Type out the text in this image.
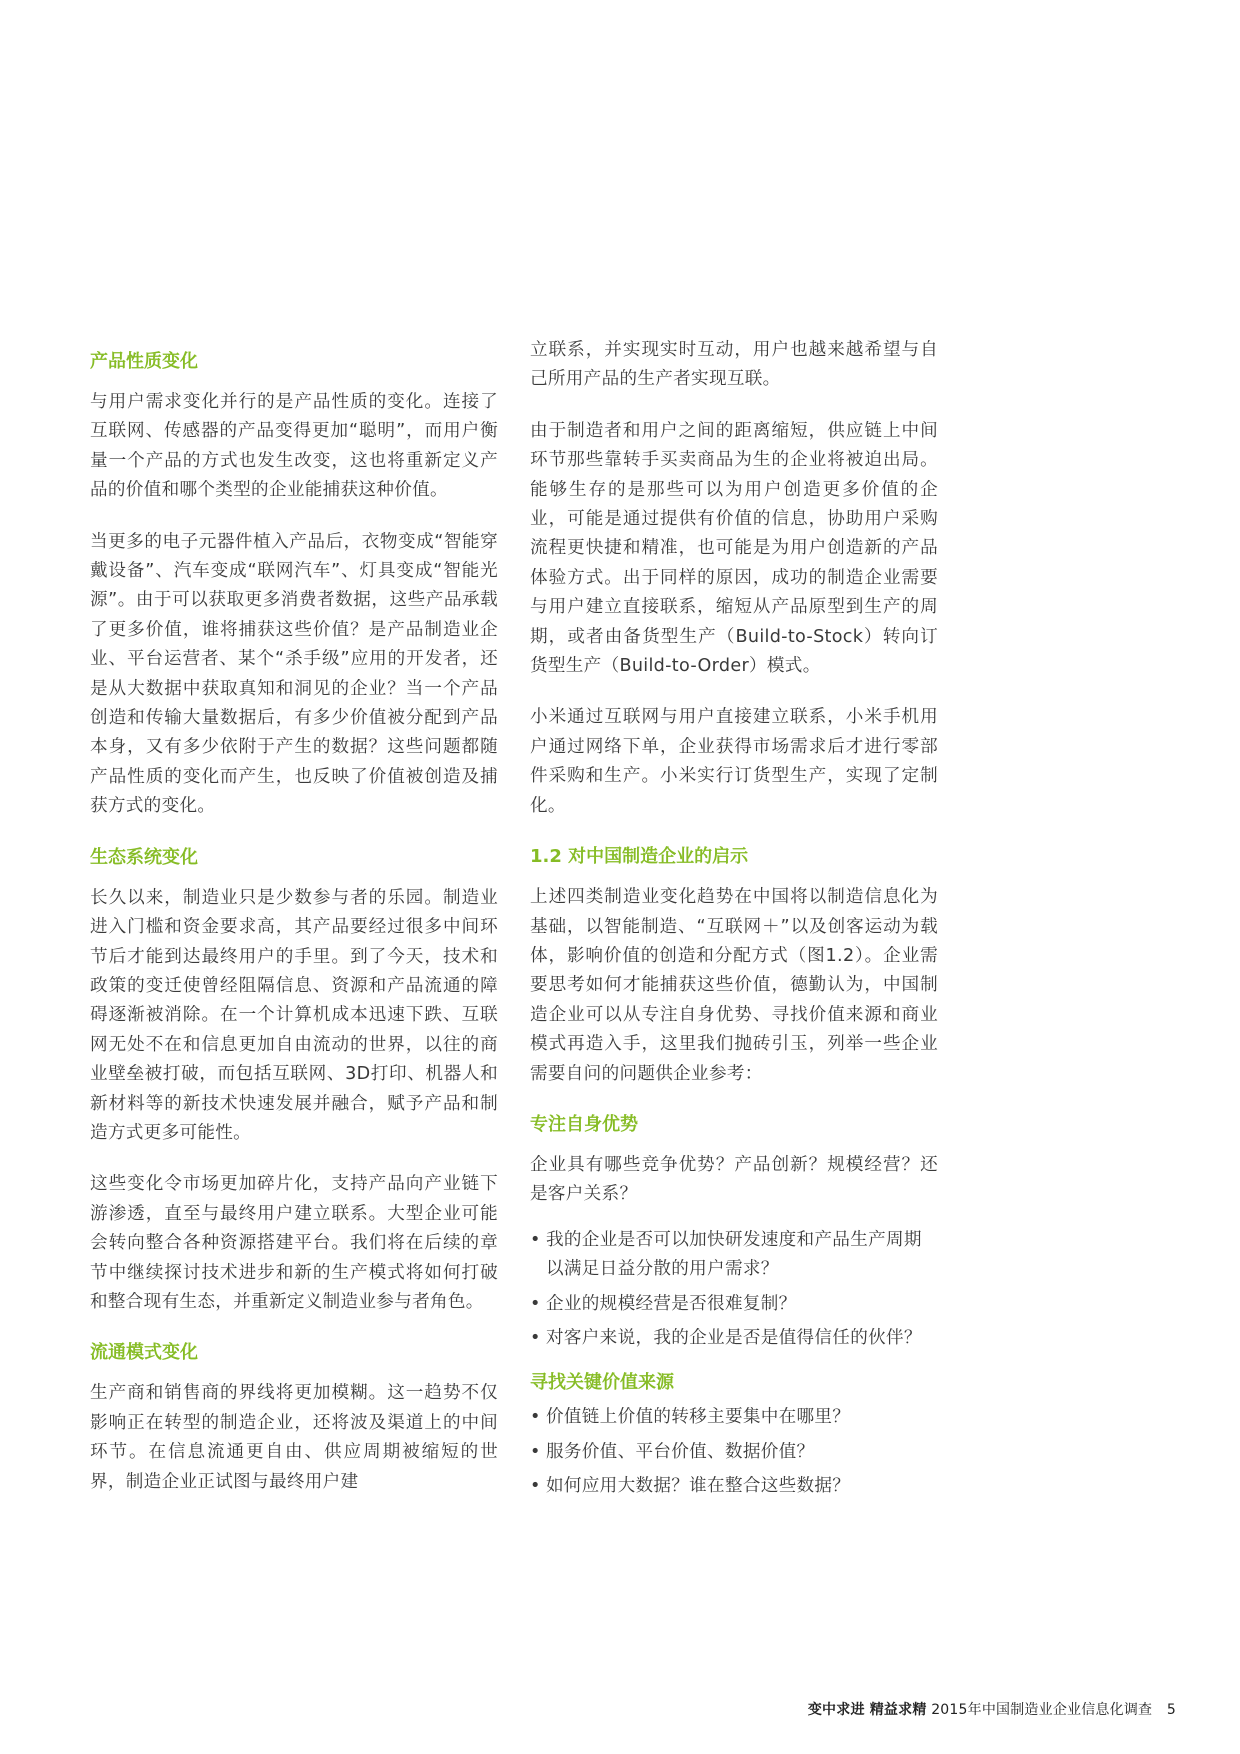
产品性质变化

与用户需求变化并行的是产品性质的变化。连接了互联网、传感器的产品变得更加“聪明”，而用户衡量一个产品的方式也发生改变，这也将重新定义产品的价值和哪个类型的企业能捕获这种价值。

当更多的电子元器件植入产品后，衣物变成“智能穿戴设备”、汽车变成“联网汽车”、灯具变成“智能光源”。由于可以获取更多消费者数据，这些产品承载了更多价值，谁将捕获这些价值？是产品制造业企业、平台运营者、某个“杀手级”应用的开发者，还是从大数据中获取真知和洞见的企业？当一个产品创造和传输大量数据后，有多少价值被分配到产品本身，又有多少依附于产生的数据？这些问题都随产品性质的变化而产生，也反映了价值被创造及捕获方式的变化。

生态系统变化

长久以来，制造业只是少数参与者的乐园。制造业进入门槛和资金要求高，其产品要经过很多中间环节后才能到达最终用户的手里。到了今天，技术和政策的变迁使曾经阻隔信息、资源和产品流通的障碍逐渐被消除。在一个计算机成本迅速下跌、互联网无处不在和信息更加自由流动的世界，以往的商业壁垒被打破，而包括互联网、3D打印、机器人和新材料等的新技术快速发展并融合，赋予产品和制造方式更多可能性。

这些变化令市场更加碎片化，支持产品向产业链下游渗透，直至与最终用户建立联系。大型企业可能会转向整合各种资源搭建平台。我们将在后续的章节中继续探讨技术进步和新的生产模式将如何打破和整合现有生态，并重新定义制造业参与者角色。

流通模式变化

生产商和销售商的界线将更加模糊。这一趋势不仅影响正在转型的制造企业，还将波及渠道上的中间环节。在信息流通更自由、供应周期被缩短的世界，制造企业正试图与最终用户建

立联系，并实现实时互动，用户也越来越希望与自己所用产品的生产者实现互联。

由于制造者和用户之间的距离缩短，供应链上中间环节那些靠转手买卖商品为生的企业将被迫出局。能够生存的是那些可以为用户创造更多价值的企业，可能是通过提供有价值的信息，协助用户采购流程更快捷和精准，也可能是为用户创造新的产品体验方式。出于同样的原因，成功的制造企业需要与用户建立直接联系，缩短从产品原型到生产的周期，或者由备货型生产（Build-to-Stock）转向订货型生产（Build-to-Order）模式。

小米通过互联网与用户直接建立联系，小米手机用户通过网络下单，企业获得市场需求后才进行零部件采购和生产。小米实行订货型生产，实现了定制化。

1.2 对中国制造企业的启示

上述四类制造业变化趋势在中国将以制造信息化为基础，以智能制造、“互联网＋”以及创客运动为载体，影响价值的创造和分配方式（图1.2）。企业需要思考如何才能捕获这些价值，德勤认为，中国制造企业可以从专注自身优势、寻找价值来源和商业模式再造入手，这里我们抛砖引玉，列举一些企业需要自问的问题供企业参考：

专注自身优势

企业具有哪些竞争优势？产品创新？规模经营？还是客户关系？

• 我的企业是否可以加快研发速度和产品生产周期以满足日益分散的用户需求？
• 企业的规模经营是否很难复制？
• 对客户来说，我的企业是否是值得信任的伙伴？
寻找关键价值来源
• 价值链上价值的转移主要集中在哪里？
• 服务价值、平台价值、数据价值？
• 如何应用大数据？谁在整合这些数据？
变中求进 精益求精 2015年中国制造业企业信息化调查 5
